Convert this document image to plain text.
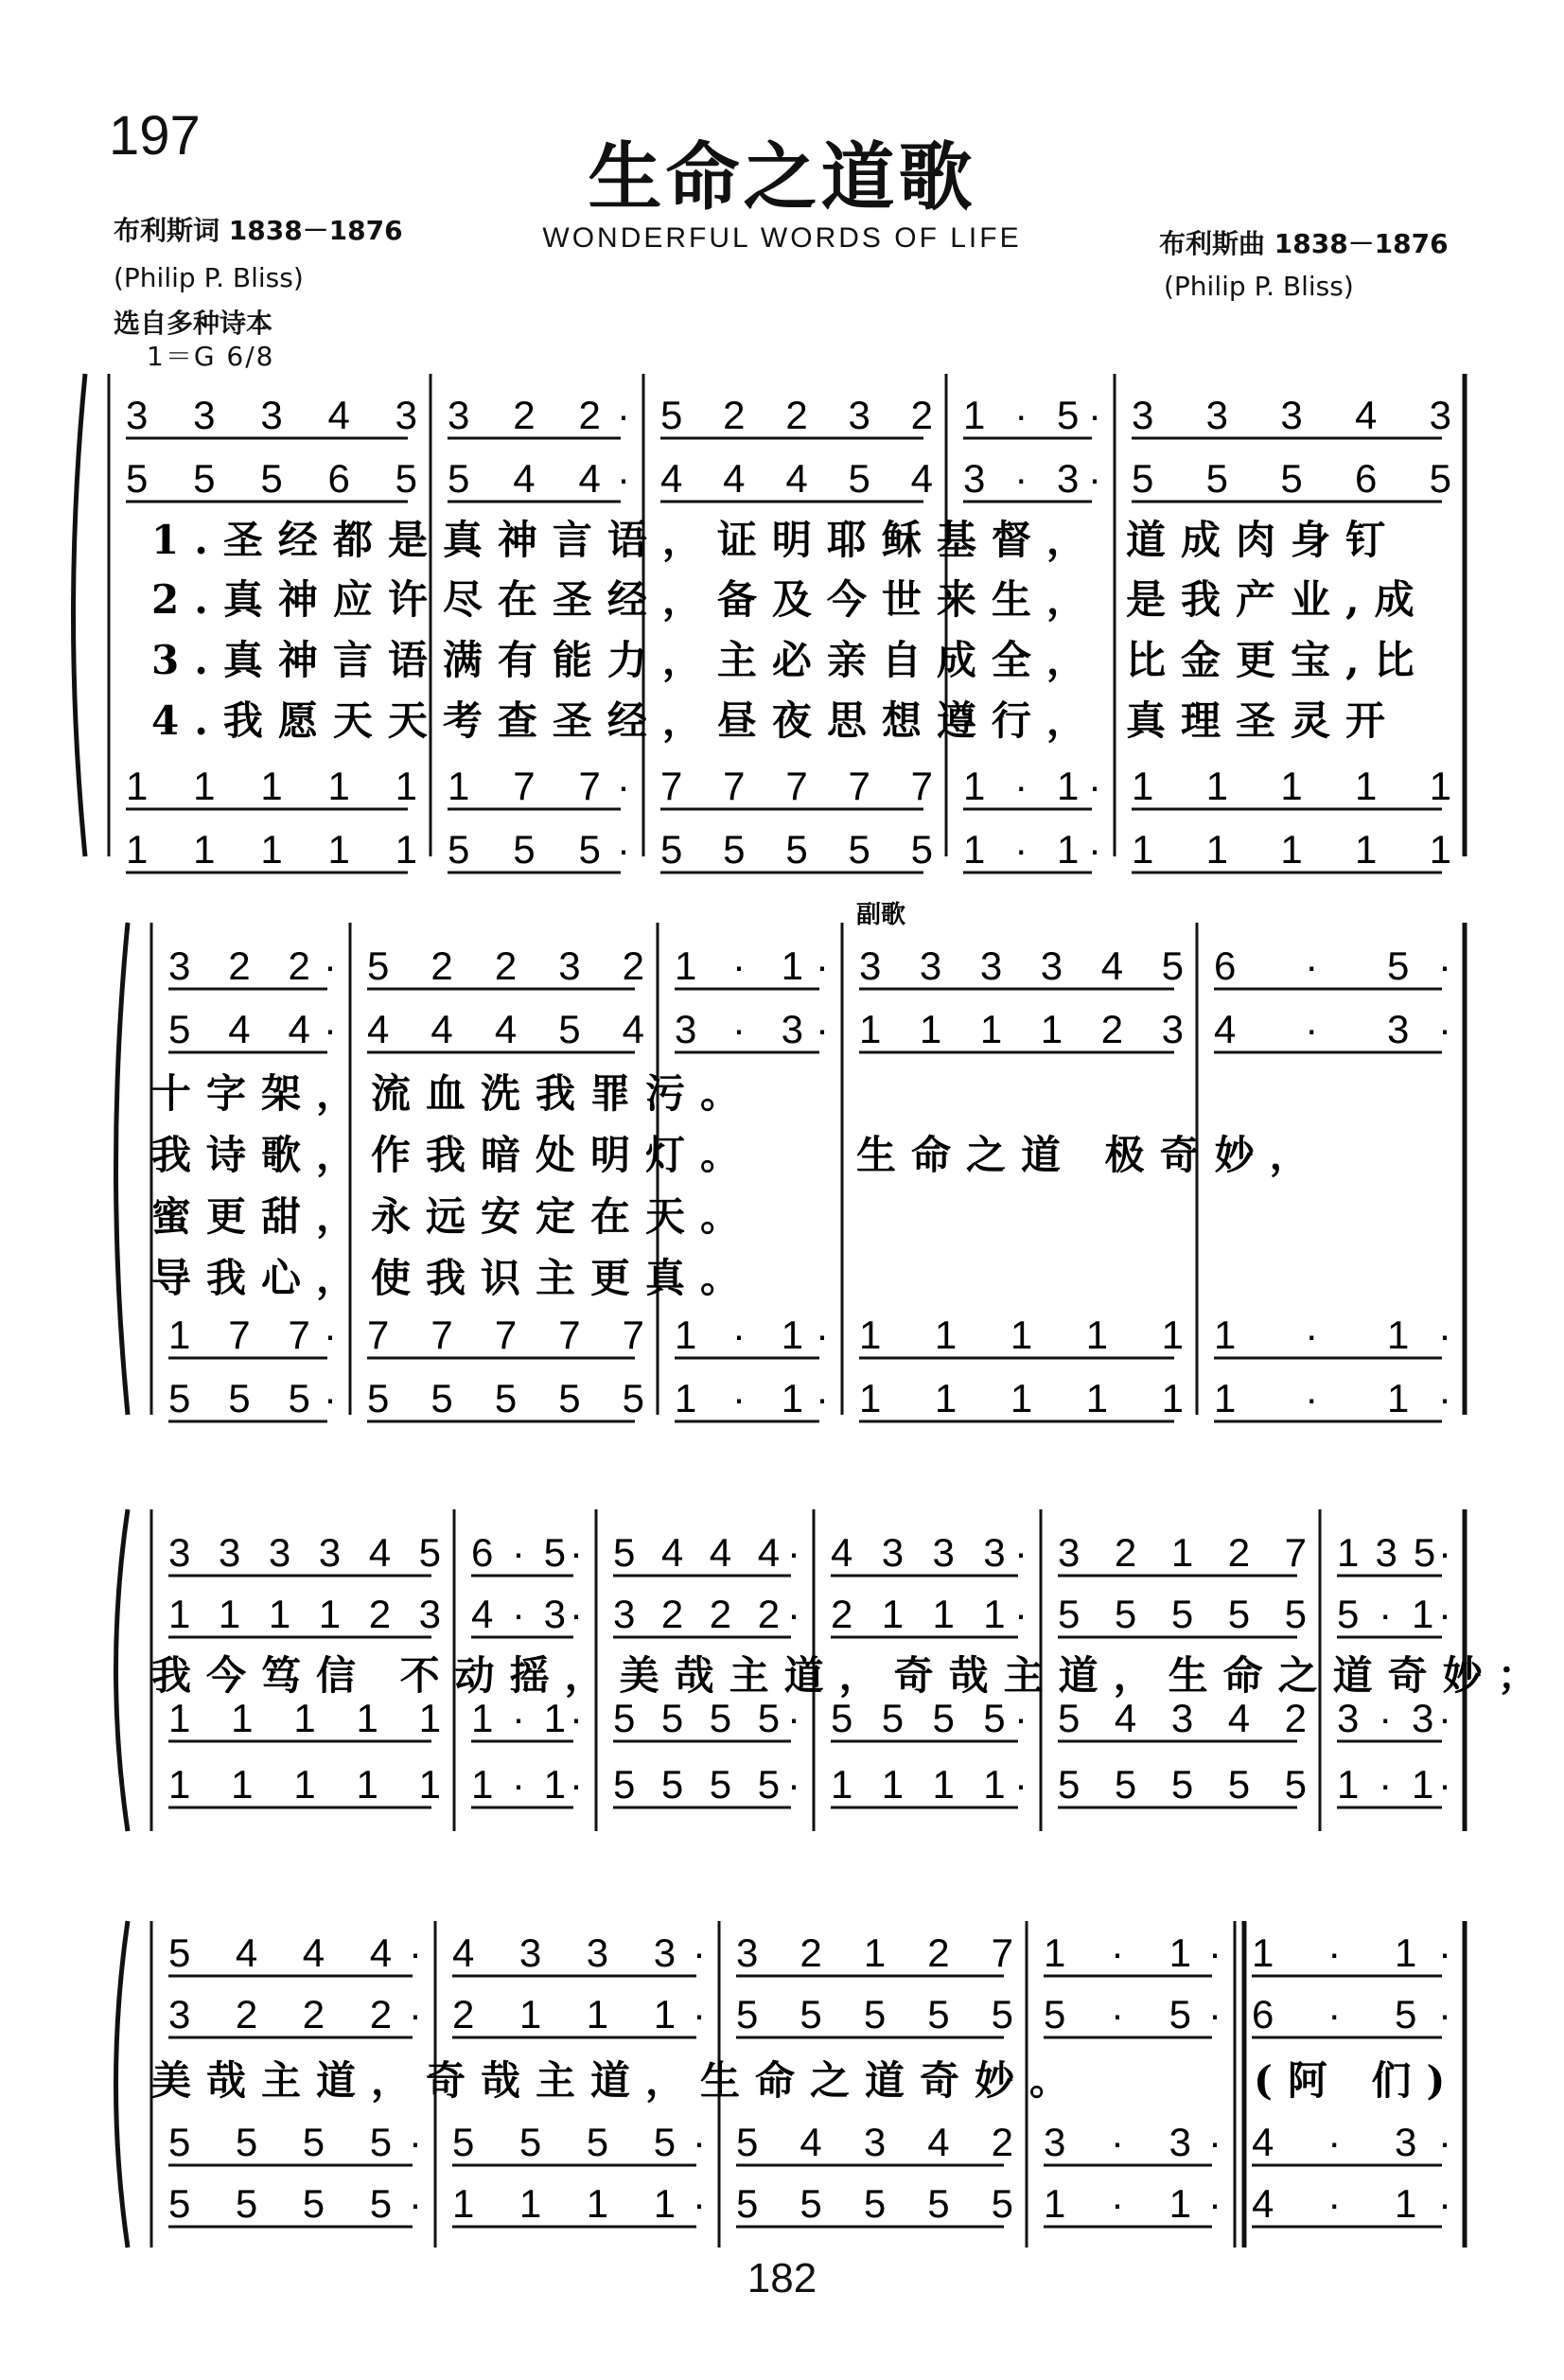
197	生命之道歌
WONDERFUL WORDS OF LIFE
布利斯词 1838－1876
(Philip P. Bliss)
选自多种诗本
1＝G 6/8
布利斯曲 1838－1876
(Philip P. Bliss)
3 3 3 4 3 3 2 2· 5 2 2 3 2 1 · 5· 3 3 3 4 3
5 5 5 6 5 5 4 4· 4 4 4 5 4 3 · 3· 5 5 5 6 5
1 1 1 1 1 1 7 7· 7 7 7 7 7 1 · 1· 1 1 1 1 1
1 1 1 1 1 5 5 5· 5 5 5 5 5 1 · 1· 1 1 1 1 1
1.圣经都是真神言语，证明耶稣基督，
2.真神应许尽在圣经，备及今世来生，
3.真神言语满有能力，主必亲自成全，
4.我愿天天考查圣经，昼夜思想遵行，
道成肉身钉
是我产业,成
比金更宝,比
真理圣灵开
3 2 2· 5 2 2 3 2 1 · 1· 3 3 3 3 4 5 6 · 5·
5 4 4· 4 4 4 5 4 3 · 3· 1 1 1 1 2 3 4 · 3·
1 7 7· 7 7 7 7 7 1 · 1· 1 1 1 1 1 1 · 1·
5 5 5· 5 5 5 5 5 1 · 1· 1 1 1 1 1 1 · 1·
十字架，流血洗我罪污。
我诗歌，作我暗处明灯。
蜜更甜，永远安定在天。
导我心，使我识主更真。
副歌
生命之道 极奇妙，
3 3 3 3 4 5 6 · 5· 5 4 4 4· 4 3 3 3· 3 2 1 2 7 1 3 5·
1 1 1 1 2 3 4 · 3· 3 2 2 2· 2 1 1 1· 5 5 5 5 5 5 · 1·
1 1 1 1 1 1 · 1· 5 5 5 5· 5 5 5 5· 5 4 3 4 2 3 · 3·
1 1 1 1 1 1 · 1· 5 5 5 5· 1 1 1 1· 5 5 5 5 5 1 · 1·
我今笃信 不动摇，美哉主道，奇哉主道，生命之道奇妙；
5 4 4 4· 4 3 3 3· 3 2 1 2 7 1 · 1· 1 · 1·
3 2 2 2· 2 1 1 1· 5 5 5 5 5 5 · 5· 6 · 5·
5 5 5 5· 5 5 5 5· 5 4 3 4 2 3 · 3· 4 · 3·
5 5 5 5· 1 1 1 1· 5 5 5 5 5 1 · 1· 4 · 1·
美哉主道，奇哉主道，生命之道奇妙。	(阿 们)
182
